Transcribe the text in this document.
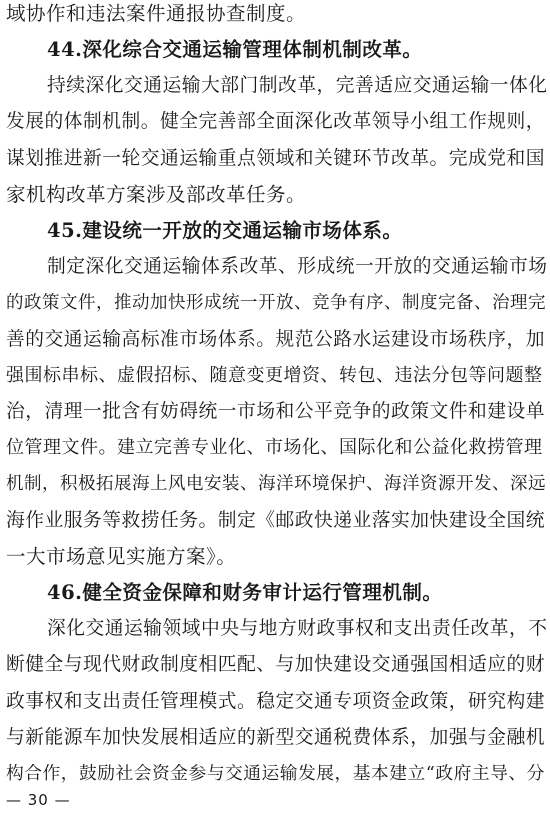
域协作和违法案件通报协查制度。
44.深化综合交通运输管理体制机制改革。
持续深化交通运输大部门制改革，完善适应交通运输一体化
发展的体制机制。健全完善部全面深化改革领导小组工作规则，
谋划推进新一轮交通运输重点领域和关键环节改革。完成党和国
家机构改革方案涉及部改革任务。
45.建设统一开放的交通运输市场体系。
制定深化交通运输体系改革、形成统一开放的交通运输市场
的政策文件，推动加快形成统一开放、竞争有序、制度完备、治理完
善的交通运输高标准市场体系。规范公路水运建设市场秩序，加
强围标串标、虚假招标、随意变更增资、转包、违法分包等问题整
治，清理一批含有妨碍统一市场和公平竞争的政策文件和建设单
位管理文件。建立完善专业化、市场化、国际化和公益化救捞管理
机制，积极拓展海上风电安装、海洋环境保护、海洋资源开发、深远
海作业服务等救捞任务。制定《邮政快递业落实加快建设全国统
一大市场意见实施方案》。
46.健全资金保障和财务审计运行管理机制。
深化交通运输领域中央与地方财政事权和支出责任改革，不
断健全与现代财政制度相匹配、与加快建设交通强国相适应的财
政事权和支出责任管理模式。稳定交通专项资金政策，研究构建
与新能源车加快发展相适应的新型交通税费体系，加强与金融机
构合作，鼓励社会资金参与交通运输发展，基本建立“政府主导、分
— 30 —
